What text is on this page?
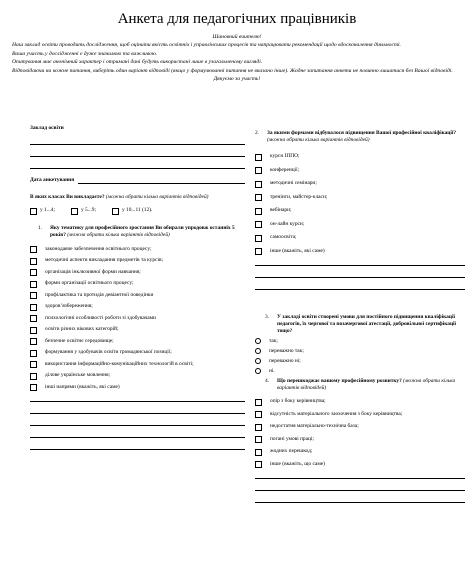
Анкета для педагогічних працівників

Шановний вчителю!

Наш заклад освіти проводить дослідження, щоб оцінити якість освітніх і управлінських процесів та напрацювати рекомендації щодо вдосконалення діяльності.

Ваша участь у дослідженні є дуже значимою та важливою.

Опитування має анонімний характер і отримані дані будуть використані лише в узагальненому вигляді.

Відповідаючи на кожне питання, виберіть один варіант відповіді (якщо у формулюванні питання не вказано інше). Жодне запитання анкети не повинно лишатися без Вашої відповіді.

Дякуємо за участь!

Заклад освіти
Дата анкетування
В яких класах Ви викладаєте? (можна обрати кілька варіантів відповідей)
у 1...4;	у 5...9;	у 10...11 (12).
1.	Яку тематику для професійного зростання Ви обирали упродовж останніх 5 років? (можна обрати кілька варіантів відповідей)
законодавче забезпечення освітнього процесу;
методичні аспекти викладання предметів та курсів;
організація інклюзивної форми навчання;
форми організації освітнього процесу;
профілактика та протидія девіантної поведінки
здоровʼязбереження;
психологічні особливості роботи зі здобувачами
освіти різних вікових категорій;
безпечне освітнє середовище;
формування у здобувачів освіти громадянської позиції;
використання інформаційно-комунікаційних технологій в освіті;
ділове українське мовлення;
інші напрями (вкажіть, які саме)
2.	За якими формами відбувалося підвищення Вашої професійної кваліфікації? (можна обрати кілька варіантів відповідей)
курси ІППО;
конференції;
методичні семінари;
тренінги, майстер-класи;
вебінари;
он-лайн курси;
самоосвіта;
інше (вкажіть, які саме)
3.	У закладі освіти створені умови для постійного підвищення кваліфікації педагогів, їх чергової та позачергової атестації, добровільної сертифікації тощо?
так;
переважно так;
переважно ні;
ні.
4.	Що перешкоджає вашому професійному розвитку? (можна обрати кілька варіантів відповідей)
опір з боку керівництва;
відсутність матеріального заохочення з боку керівництва;
недостатня матеріально-технічна база;
погані умові праці;
жодних перешкод;
інше (вкажіть, що саме)
